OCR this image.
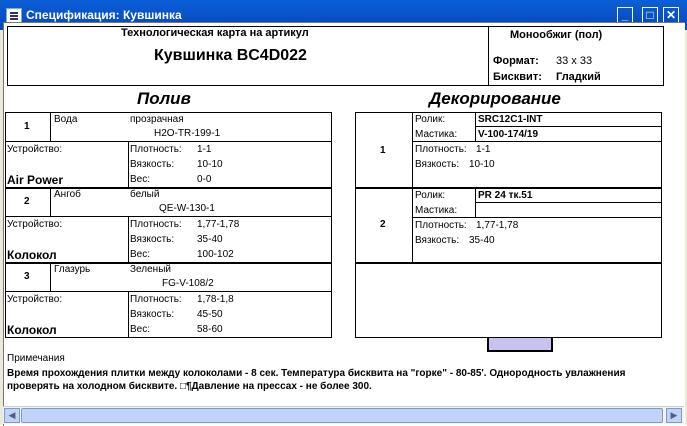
Спецификация: Кувшинка	_	□	✕
Технологическая карта на артикул
Кувшинка BC4D022
Монообжиг (пол)
Формат: 33 x 33
Бисквит: Гладкий
Полив	Декорирование
1
Вода	прозрачная
H2O-TR-199-1
Устройство:
Air Power
Плотность: 1-1
Вязкость: 10-10
Вес:	0-0
2
Ангоб	белый
QE-W-130-1
Устройство:
Колокол
Плотность: 1,77-1,78
Вязкость: 35-40
Вес:	100-102
3
Глазурь	Зеленый
FG-V-108/2
Устройство:
Колокол
Плотность: 1,78-1,8
Вязкость: 45-50
Вес:	58-60
1
Ролик:	SRC12C1-INT
Мастика: V-100-174/19
Плотность: 1-1
Вязкость: 10-10
2
Ролик:	PR 24 тк.51
Мастика:
Плотность: 1,77-1,78
Вязкость: 35-40
Примечания
Время прохождения плитки между колоколами - 8 сек. Температура бисквита на "горке" - 80-85'. Однородность увлажнения проверять на холодном бисквите. □¶Давление на прессах - не более 300.
◀	▶
